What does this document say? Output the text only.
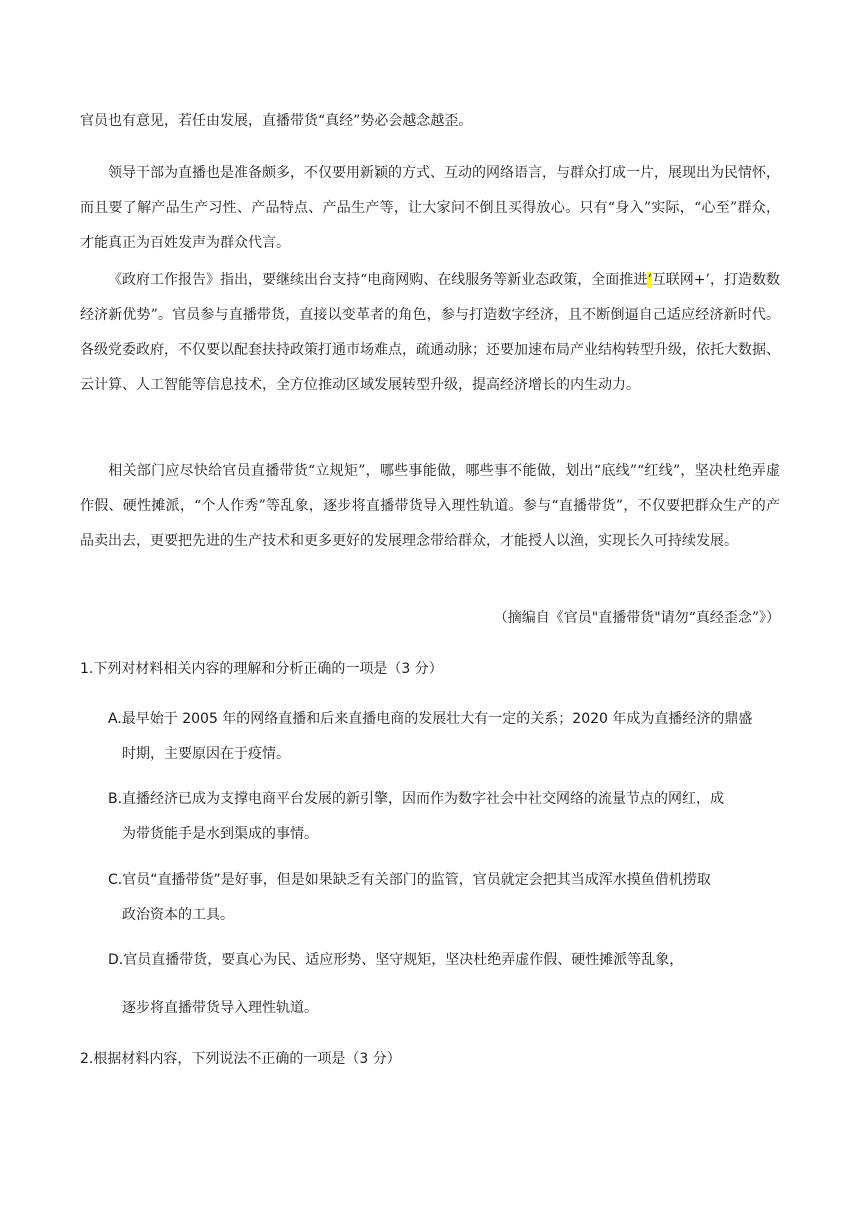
官员也有意见，若任由发展，直播带货“真经”势必会越念越歪。

领导干部为直播也是准备颇多，不仅要用新颖的方式、互动的网络语言，与群众打成一片，展现出为民情怀，而且要了解产品生产习性、产品特点、产品生产等，让大家问不倒且买得放心。只有“身入”实际，“心至”群众，才能真正为百姓发声为群众代言。

《政府工作报告》指出，要继续出台支持“电商网购、在线服务等新业态政策，全面推进‘互联网+’，打造数数经济新优势”。官员参与直播带货，直接以变革者的角色，参与打造数字经济，且不断倒逼自己适应经济新时代。各级党委政府，不仅要以配套扶持政策打通市场难点，疏通动脉；还要加速布局产业结构转型升级，依托大数据、云计算、人工智能等信息技术，全方位推动区域发展转型升级，提高经济增长的内生动力。

相关部门应尽快给官员直播带货“立规矩”，哪些事能做，哪些事不能做，划出“底线”“红线”，坚决杜绝弄虚作假、硬性摊派，“个人作秀”等乱象，逐步将直播带货导入理性轨道。参与“直播带货”，不仅要把群众生产的产品卖出去，更要把先进的生产技术和更多更好的发展理念带给群众，才能授人以渔，实现长久可持续发展。

（摘编自《官员"直播带货"请勿“真经歪念”》）

1.下列对材料相关内容的理解和分析正确的一项是（3 分）

A.最早始于 2005 年的网络直播和后来直播电商的发展壮大有一定的关系；2020 年成为直播经济的鼎盛
时期，主要原因在于疫情。

B.直播经济已成为支撑电商平台发展的新引擎，因而作为数字社会中社交网络的流量节点的网红，成
为带货能手是水到渠成的事情。

C.官员“直播带货”是好事，但是如果缺乏有关部门的监管，官员就定会把其当成浑水摸鱼借机捞取
政治资本的工具。

D.官员直播带货，要真心为民、适应形势、坚守规矩，坚决杜绝弄虚作假、硬性摊派等乱象，

逐步将直播带货导入理性轨道。

2.根据材料内容，下列说法不正确的一项是（3 分）
